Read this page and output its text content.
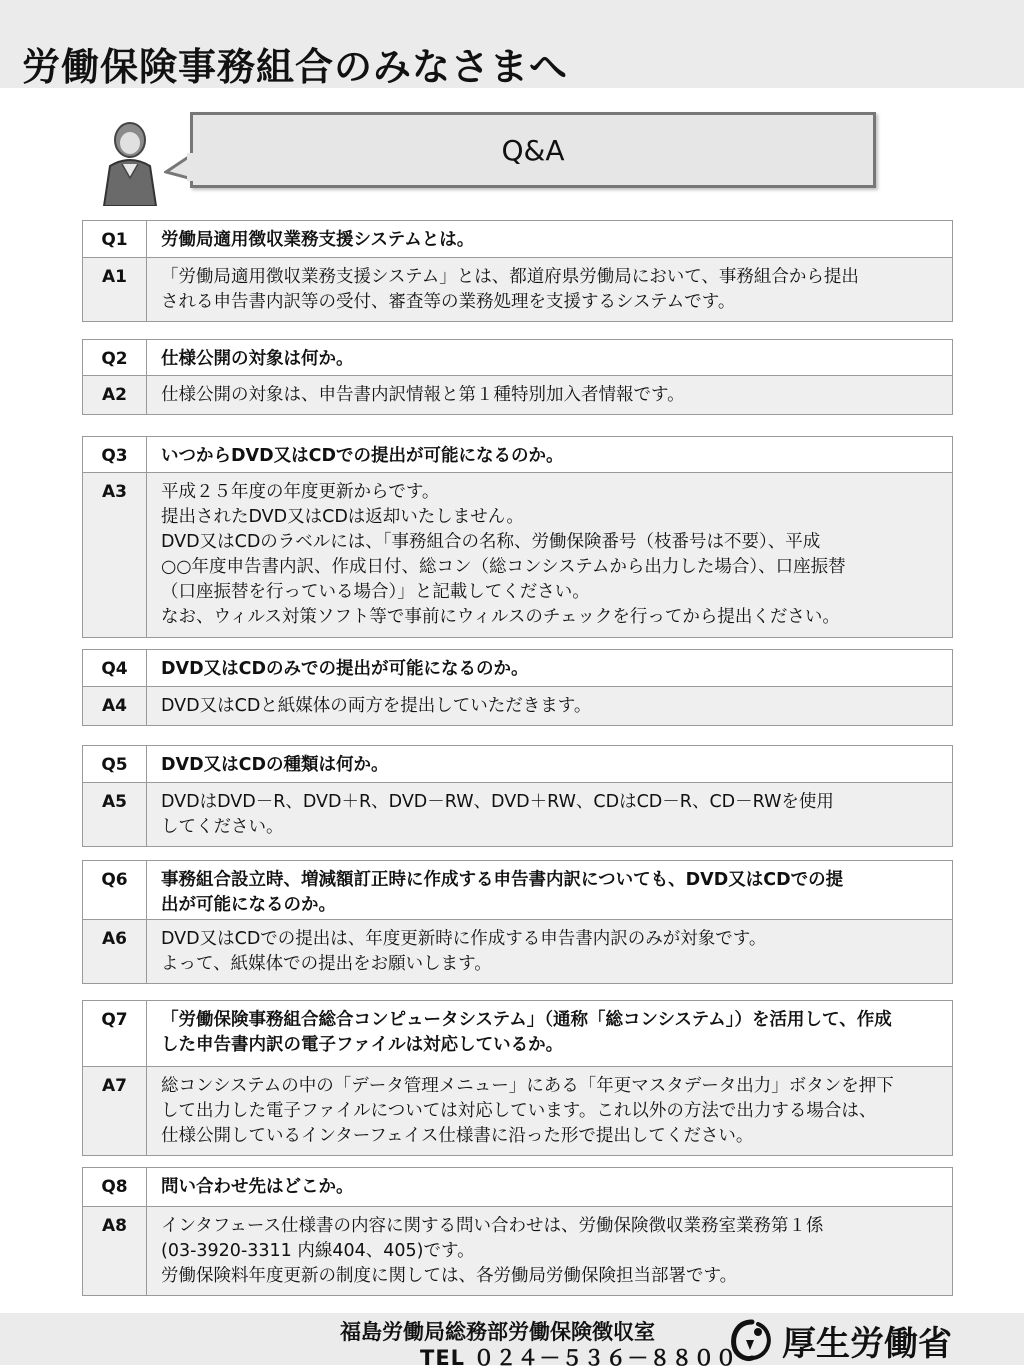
労働保険事務組合のみなさまへ
Q&A
Q1	労働局適用徴収業務支援システムとは。
A1	「労働局適用徴収業務支援システム」とは、都道府県労働局において、事務組合から提出
される申告書内訳等の受付、審査等の業務処理を支援するシステムです。
Q2	仕様公開の対象は何か。
A2	仕様公開の対象は、申告書内訳情報と第１種特別加入者情報です。
Q3	いつからDVD又はCDでの提出が可能になるのか。
A3	平成２５年度の年度更新からです。
提出されたDVD又はCDは返却いたしません。
DVD又はCDのラベルには、「事務組合の名称、労働保険番号（枝番号は不要）、平成
○○年度申告書内訳、作成日付、総コン（総コンシステムから出力した場合）、口座振替
（口座振替を行っている場合）」と記載してください。
なお、ウィルス対策ソフト等で事前にウィルスのチェックを行ってから提出ください。
Q4	DVD又はCDのみでの提出が可能になるのか。
A4	DVD又はCDと紙媒体の両方を提出していただきます。
Q5	DVD又はCDの種類は何か。
A5	DVDはDVD－R、DVD＋R、DVD－RW、DVD＋RW、CDはCD－R、CD－RWを使用
してください。
Q6	事務組合設立時、増減額訂正時に作成する申告書内訳についても、DVD又はCDでの提
出が可能になるのか。
A6	DVD又はCDでの提出は、年度更新時に作成する申告書内訳のみが対象です。
よって、紙媒体での提出をお願いします。
Q7	「労働保険事務組合総合コンピュータシステム」（通称「総コンシステム」）を活用して、作成
した申告書内訳の電子ファイルは対応しているか。
A7	総コンシステムの中の「データ管理メニュー」にある「年更マスタデータ出力」ボタンを押下
して出力した電子ファイルについては対応しています。これ以外の方法で出力する場合は、
仕様公開しているインターフェイス仕様書に沿った形で提出してください。
Q8	問い合わせ先はどこか。
A8	インタフェース仕様書の内容に関する問い合わせは、労働保険徴収業務室業務第１係
(03-3920-3311 内線404、405)です。
労働保険料年度更新の制度に関しては、各労働局労働保険担当部署です。
福島労働局総務部労働保険徴収室
TEL ０２４－５３６－８８００ 厚生労働省
